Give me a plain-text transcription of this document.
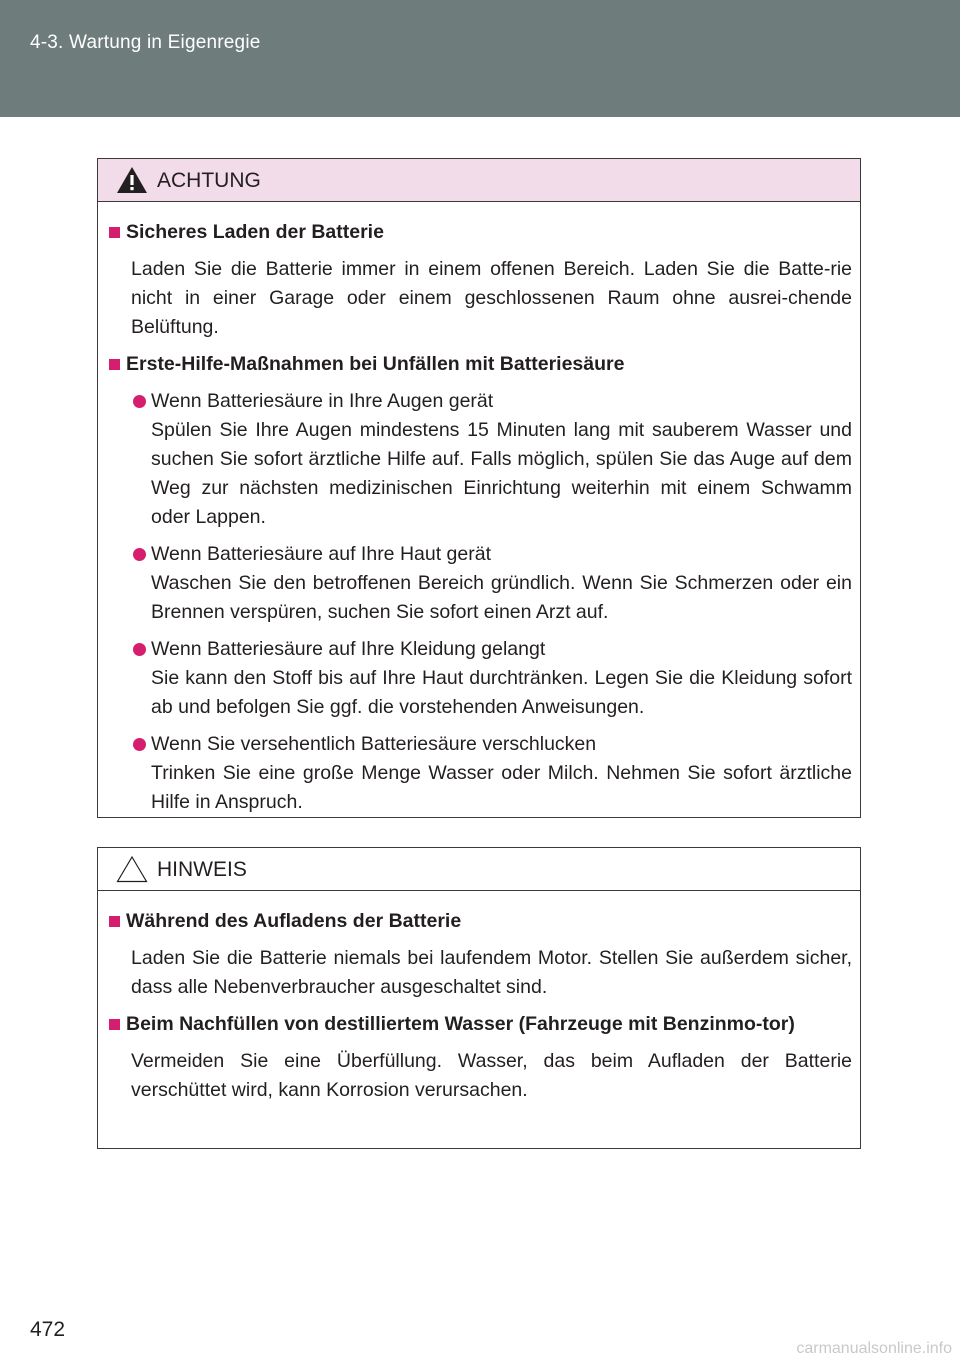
4-3. Wartung in Eigenregie
ACHTUNG
Sicheres Laden der Batterie
Laden Sie die Batterie immer in einem offenen Bereich. Laden Sie die Batte-rie nicht in einer Garage oder einem geschlossenen Raum ohne ausrei-chende Belüftung.
Erste-Hilfe-Maßnahmen bei Unfällen mit Batteriesäure
Wenn Batteriesäure in Ihre Augen gerät
Spülen Sie Ihre Augen mindestens 15 Minuten lang mit sauberem Wasser und suchen Sie sofort ärztliche Hilfe auf. Falls möglich, spülen Sie das Auge auf dem Weg zur nächsten medizinischen Einrichtung weiterhin mit einem Schwamm oder Lappen.
Wenn Batteriesäure auf Ihre Haut gerät
Waschen Sie den betroffenen Bereich gründlich. Wenn Sie Schmerzen oder ein Brennen verspüren, suchen Sie sofort einen Arzt auf.
Wenn Batteriesäure auf Ihre Kleidung gelangt
Sie kann den Stoff bis auf Ihre Haut durchtränken. Legen Sie die Kleidung sofort ab und befolgen Sie ggf. die vorstehenden Anweisungen.
Wenn Sie versehentlich Batteriesäure verschlucken
Trinken Sie eine große Menge Wasser oder Milch. Nehmen Sie sofort ärztliche Hilfe in Anspruch.
HINWEIS
Während des Aufladens der Batterie
Laden Sie die Batterie niemals bei laufendem Motor. Stellen Sie außerdem sicher, dass alle Nebenverbraucher ausgeschaltet sind.
Beim Nachfüllen von destilliertem Wasser (Fahrzeuge mit Benzinmo-tor)
Vermeiden Sie eine Überfüllung. Wasser, das beim Aufladen der Batterie verschüttet wird, kann Korrosion verursachen.
472
carmanualsonline.info
